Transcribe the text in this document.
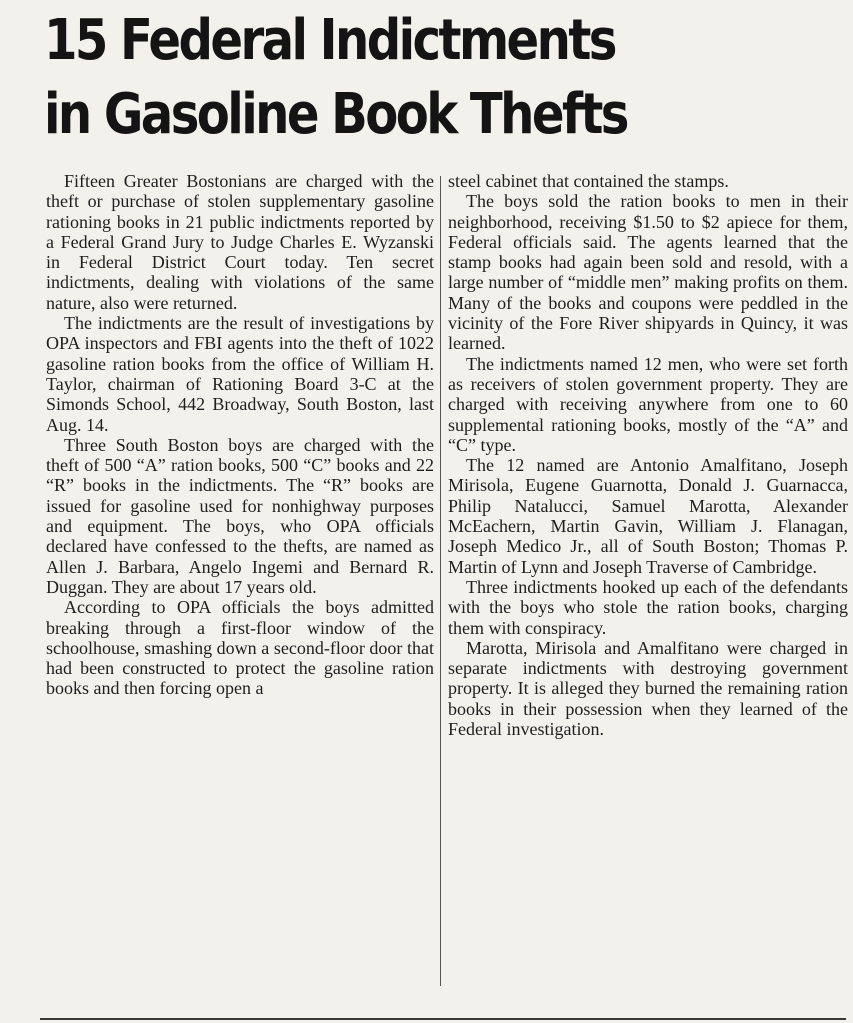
15 Federal Indictments
in Gasoline Book Thefts

Fifteen Greater Bostonians are charged with the theft or purchase of stolen supplementary gasoline rationing books in 21 public indictments reported by a Federal Grand Jury to Judge Charles E. Wyzanski in Federal District Court today. Ten secret indictments, dealing with violations of the same nature, also were returned.

The indictments are the result of investigations by OPA inspectors and FBI agents into the theft of 1022 gasoline ration books from the office of William H. Taylor, chairman of Rationing Board 3-C at the Simonds School, 442 Broadway, South Boston, last Aug. 14.

Three South Boston boys are charged with the theft of 500 “A” ration books, 500 “C” books and 22 “R” books in the indictments. The “R” books are issued for gasoline used for nonhighway purposes and equipment. The boys, who OPA officials declared have confessed to the thefts, are named as Allen J. Barbara, Angelo Ingemi and Bernard R. Duggan. They are about 17 years old.

According to OPA officials the boys admitted breaking through a first-floor window of the schoolhouse, smashing down a second-floor door that had been constructed to protect the gasoline ration books and then forcing open a

steel cabinet that contained the stamps.

The boys sold the ration books to men in their neighborhood, receiving $1.50 to $2 apiece for them, Federal officials said. The agents learned that the stamp books had again been sold and resold, with a large number of “middle men” making profits on them. Many of the books and coupons were peddled in the vicinity of the Fore River shipyards in Quincy, it was learned.

The indictments named 12 men, who were set forth as receivers of stolen government property. They are charged with receiving anywhere from one to 60 supplemental rationing books, mostly of the “A” and “C” type.

The 12 named are Antonio Amalfitano, Joseph Mirisola, Eugene Guarnotta, Donald J. Guarnacca, Philip Natalucci, Samuel Marotta, Alexander McEachern, Martin Gavin, William J. Flanagan, Joseph Medico Jr., all of South Boston; Thomas P. Martin of Lynn and Joseph Traverse of Cambridge.

Three indictments hooked up each of the defendants with the boys who stole the ration books, charging them with conspiracy.

Marotta, Mirisola and Amalfitano were charged in separate indictments with destroying government property. It is alleged they burned the remaining ration books in their possession when they learned of the Federal investigation.
